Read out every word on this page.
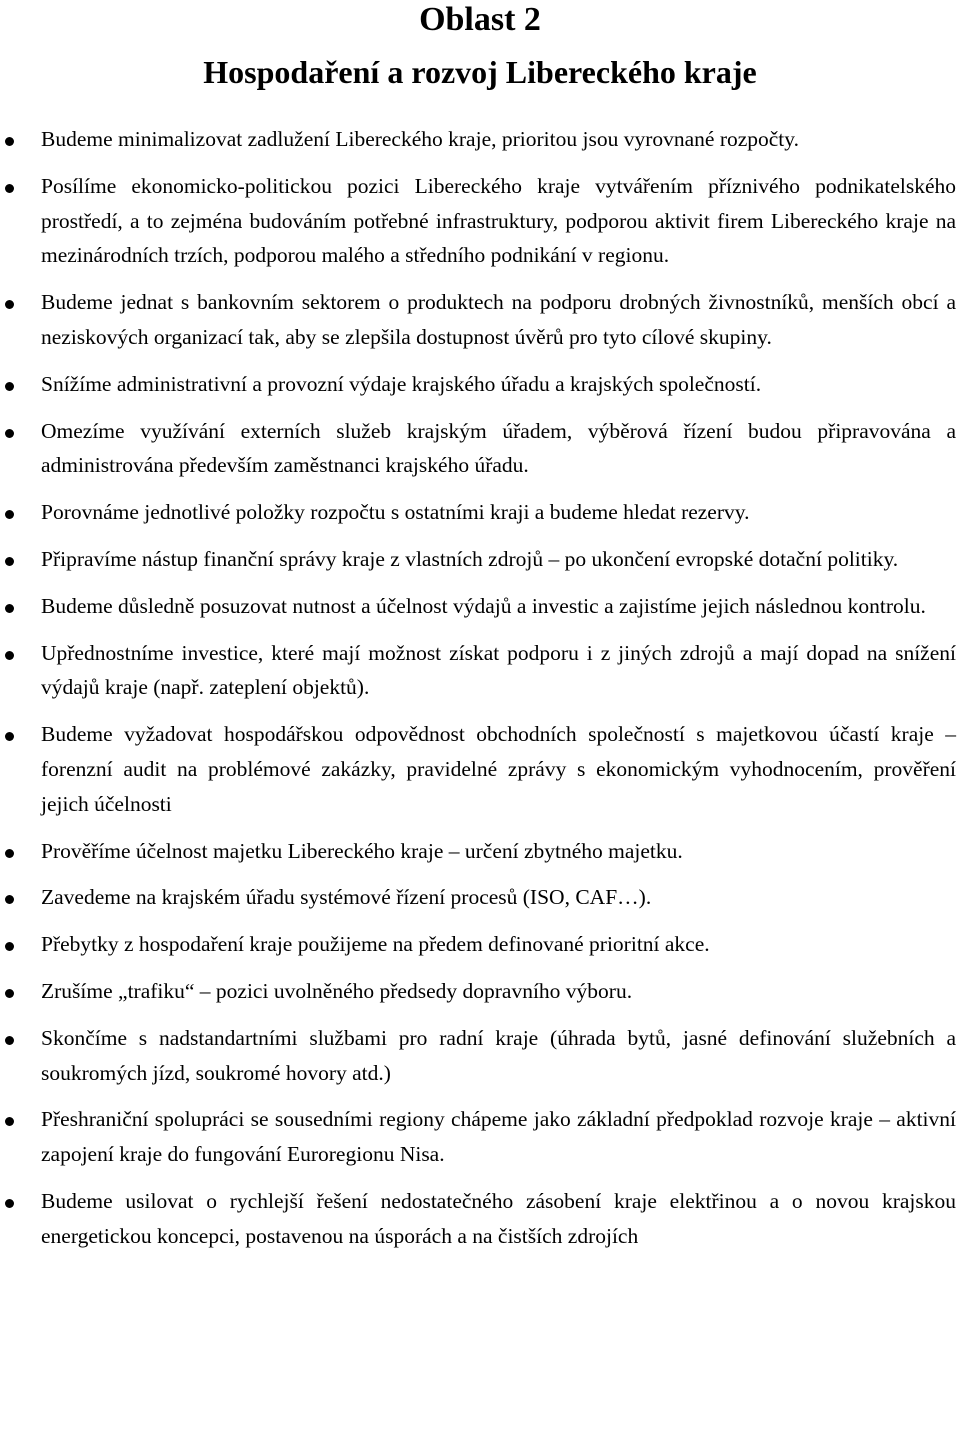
Oblast 2
Hospodaření a rozvoj Libereckého kraje
Budeme minimalizovat zadlužení Libereckého kraje, prioritou jsou vyrovnané rozpočty.
Posílíme ekonomicko-politickou pozici Libereckého kraje vytvářením příznivého podnikatelského prostředí, a to zejména budováním potřebné infrastruktury, podporou aktivit firem Libereckého kraje na mezinárodních trzích, podporou malého a středního podnikání v regionu.
Budeme jednat s bankovním sektorem o produktech na podporu drobných živnostníků, menších obcí a neziskových organizací tak, aby se zlepšila dostupnost úvěrů pro tyto cílové skupiny.
Snížíme administrativní a provozní výdaje krajského úřadu a krajských společností.
Omezíme využívání externích služeb krajským úřadem, výběrová řízení budou připravována a administrována především zaměstnanci krajského úřadu.
Porovnáme jednotlivé položky rozpočtu s ostatními kraji a budeme hledat rezervy.
Připravíme nástup finanční správy kraje z vlastních zdrojů – po ukončení evropské dotační politiky.
Budeme důsledně posuzovat nutnost a účelnost výdajů a investic a zajistíme jejich následnou kontrolu.
Upřednostníme investice, které mají možnost získat podporu i z jiných zdrojů a mají dopad na snížení výdajů kraje (např. zateplení objektů).
Budeme vyžadovat hospodářskou odpovědnost obchodních společností s majetkovou účastí kraje – forenzní audit na problémové zakázky, pravidelné zprávy s ekonomickým vyhodnocením, prověření jejich účelnosti
Prověříme účelnost majetku Libereckého kraje – určení zbytného majetku.
Zavedeme na krajském úřadu systémové řízení procesů (ISO, CAF…).
Přebytky z hospodaření kraje použijeme na předem definované prioritní akce.
Zrušíme „trafiku“ – pozici uvolněného předsedy dopravního výboru.
Skončíme s nadstandartními službami pro radní kraje (úhrada bytů, jasné definování služebních a soukromých jízd, soukromé hovory atd.)
Přeshraniční spolupráci se sousedními regiony chápeme jako základní předpoklad rozvoje kraje – aktivní zapojení kraje do fungování Euroregionu Nisa.
Budeme usilovat o rychlejší řešení nedostatečného zásobení kraje elektřinou a o novou krajskou energetickou koncepci, postavenou na úsporách a na čistších zdrojích
